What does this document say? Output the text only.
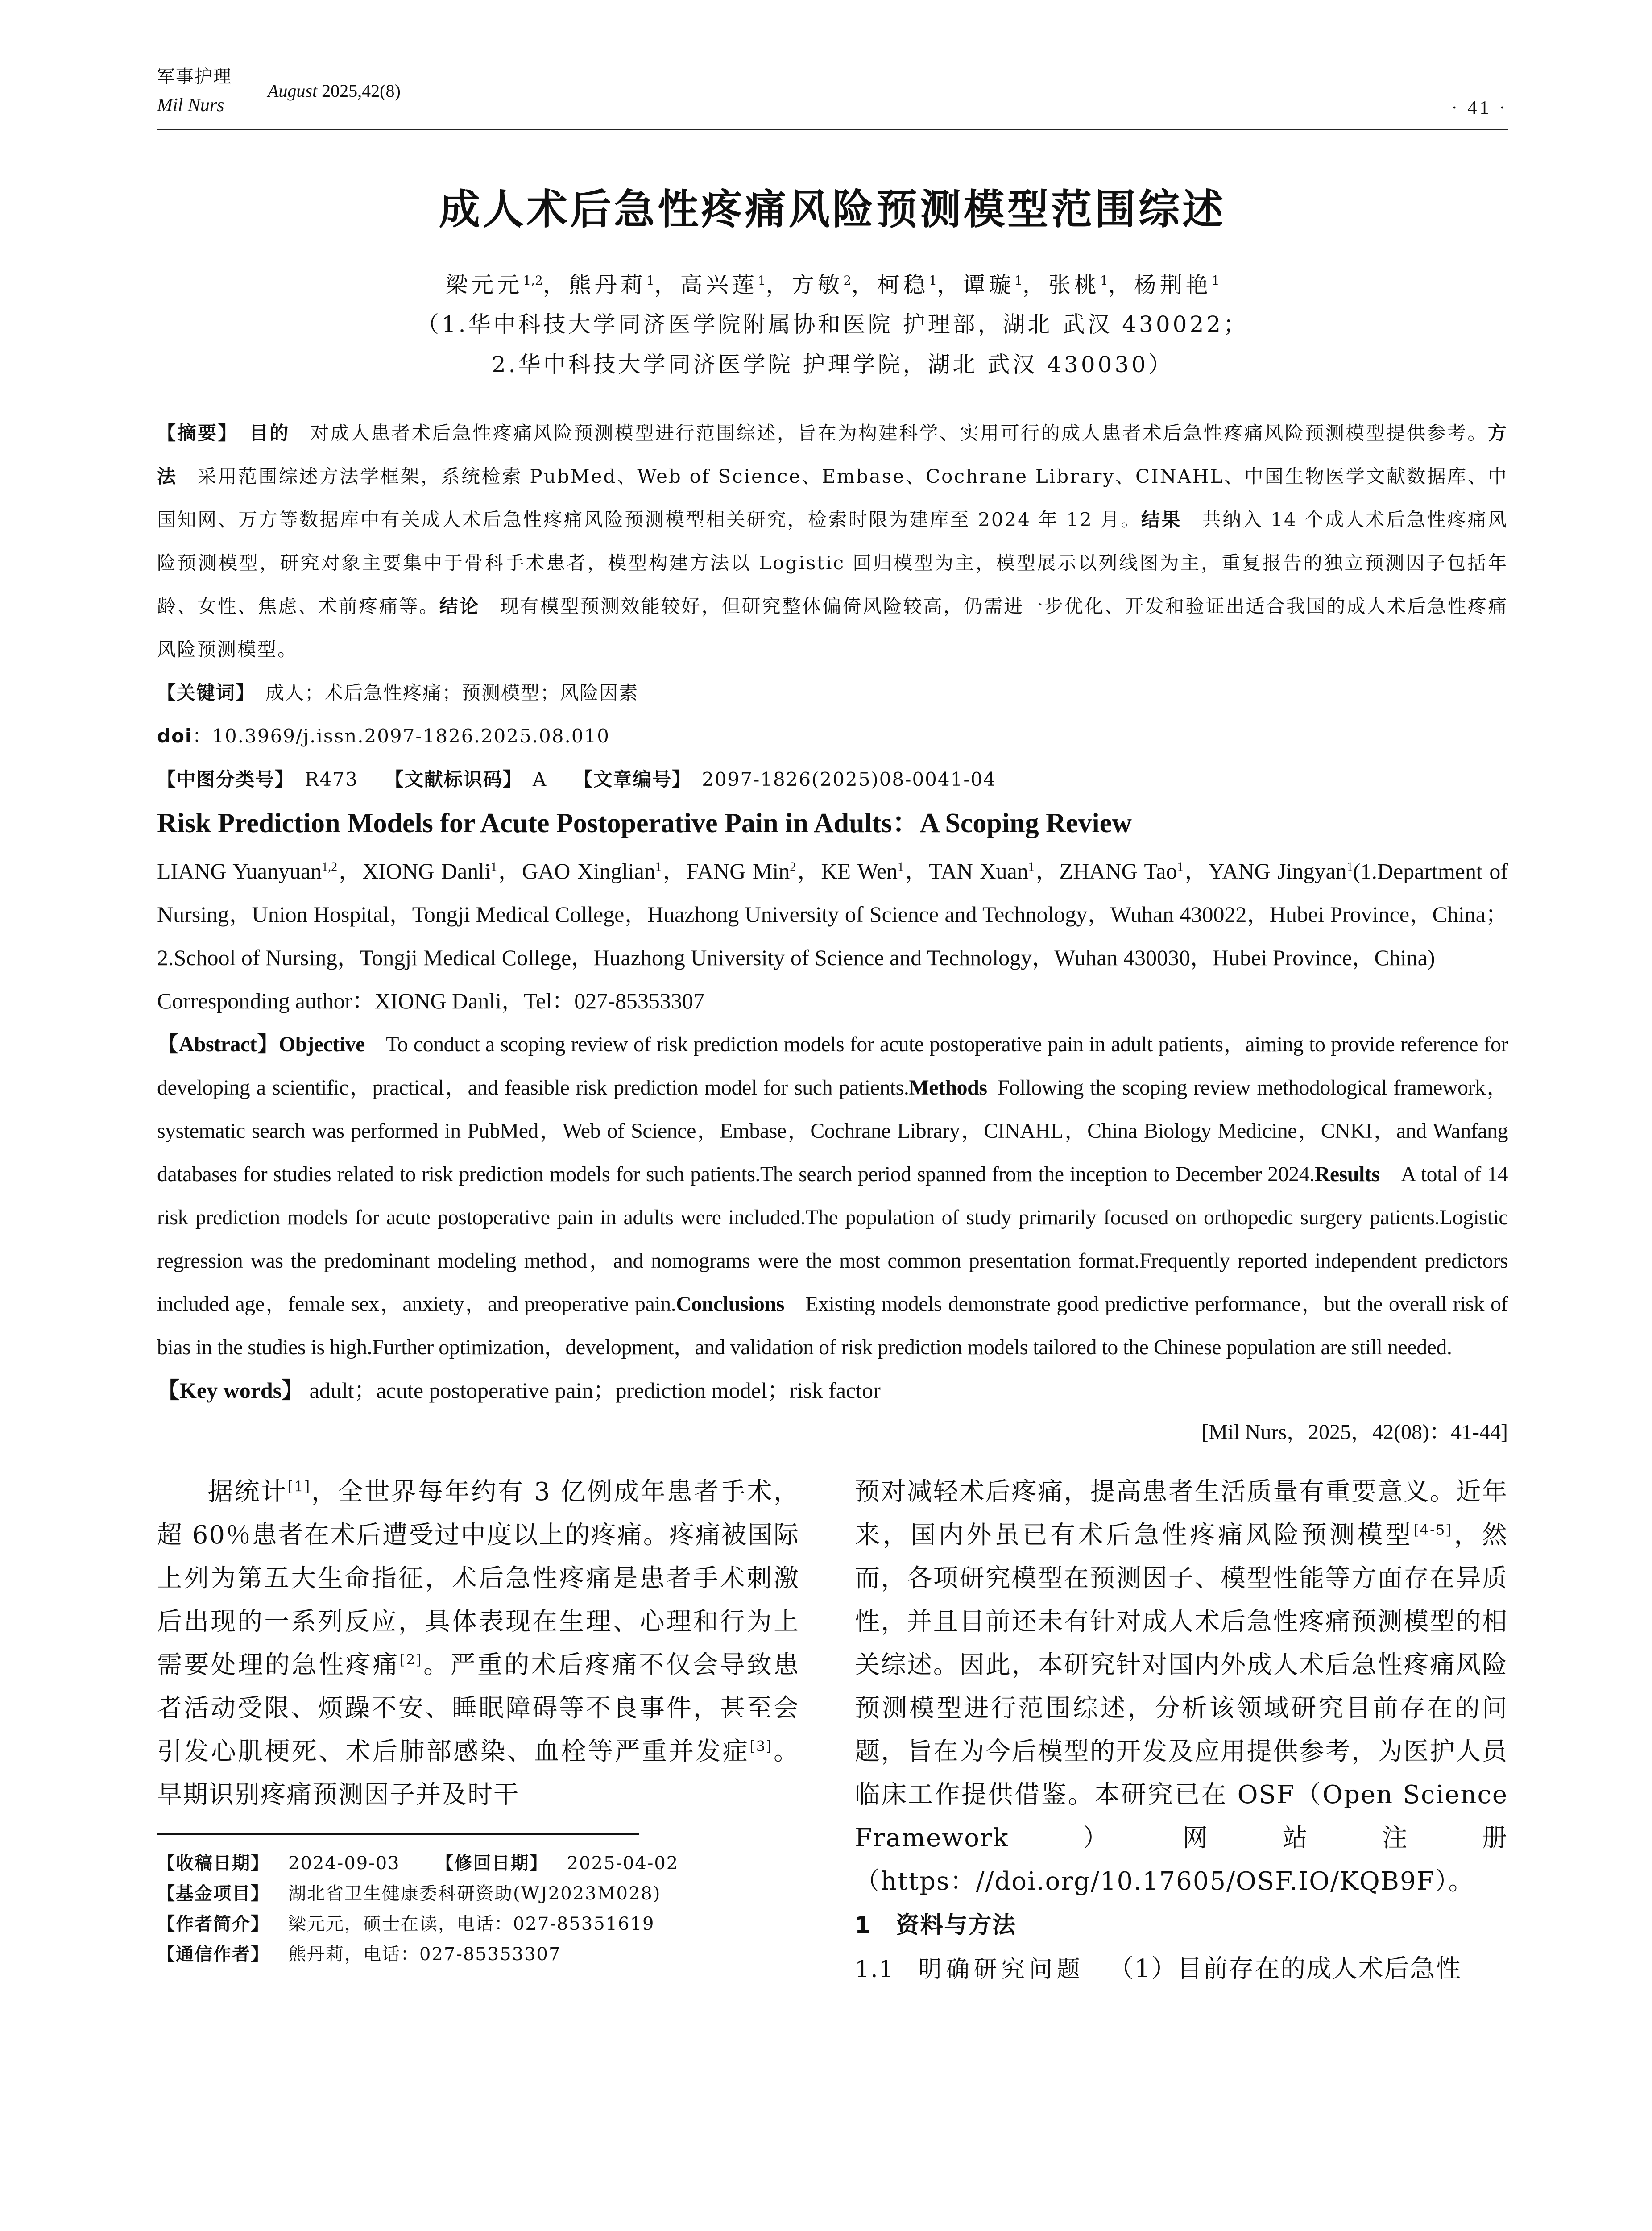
军事护理
Mil Nurs
August 2025,42(8)
· 41 ·
成人术后急性疼痛风险预测模型范围综述
梁元元$^{1,2}$，熊丹莉$^1$，高兴莲$^1$，方敏$^2$，柯稳$^1$，谭璇$^1$，张桃$^1$，杨荆艳$^1$
（1.华中科技大学同济医学院附属协和医院 护理部，湖北 武汉 430022；
2.华中科技大学同济医学院 护理学院，湖北 武汉 430030）
【摘要】  目的  对成人患者术后急性疼痛风险预测模型进行范围综述，旨在为构建科学、实用可行的成人患者术后急性疼痛风险预测模型提供参考。方法  采用范围综述方法学框架，系统检索 PubMed、Web of Science、Embase、Cochrane Library、CINAHL、中国生物医学文献数据库、中国知网、万方等数据库中有关成人术后急性疼痛风险预测模型相关研究，检索时限为建库至 2024 年 12 月。结果  共纳入 14 个成人术后急性疼痛风险预测模型，研究对象主要集中于骨科手术患者，模型构建方法以 Logistic 回归模型为主，模型展示以列线图为主，重复报告的独立预测因子包括年龄、女性、焦虑、术前疼痛等。结论  现有模型预测效能较好，但研究整体偏倚风险较高，仍需进一步优化、开发和验证出适合我国的成人术后急性疼痛风险预测模型。
【关键词】  成人；术后急性疼痛；预测模型；风险因素
doi：10.3969/j.issn.2097-1826.2025.08.010
【中图分类号】  R473 【文献标识码】  A 【文章编号】  2097-1826(2025)08-0041-04
Risk Prediction Models for Acute Postoperative Pain in Adults：A Scoping Review
LIANG Yuanyuan$^{1,2}$，XIONG Danli$^1$，GAO Xinglian$^1$，FANG Min$^2$，KE Wen$^1$，TAN Xuan$^1$，ZHANG Tao$^1$，YANG Jingyan$^1$(1.Department of Nursing，Union Hospital，Tongji Medical College，Huazhong University of Science and Technology，Wuhan 430022，Hubei Province，China；2.School of Nursing，Tongji Medical College，Huazhong University of Science and Technology，Wuhan 430030，Hubei Province，China)
Corresponding author：XIONG Danli，Tel：027-85353307
【Abstract】Objective  To conduct a scoping review of risk prediction models for acute postoperative pain in adult patients，aiming to provide reference for developing a scientific，practical，and feasible risk prediction model for such patients.Methods  Following the scoping review methodological framework，systematic search was performed in PubMed，Web of Science，Embase，Cochrane Library，CINAHL，China Biology Medicine，CNKI，and Wanfang databases for studies related to risk prediction models for such patients.The search period spanned from the inception to December 2024.Results  A total of 14 risk prediction models for acute postoperative pain in adults were included.The population of study primarily focused on orthopedic surgery patients.Logistic regression was the predominant modeling method，and nomograms were the most common presentation format.Frequently reported independent predictors included age，female sex，anxiety，and preoperative pain.Conclusions  Existing models demonstrate good predictive performance，but the overall risk of bias in the studies is high.Further optimization，development，and validation of risk prediction models tailored to the Chinese population are still needed.
【Key words】 adult；acute postoperative pain；prediction model；risk factor
[Mil Nurs，2025，42(08)：41-44]
据统计[1]，全世界每年约有 3 亿例成年患者手术，超 60％患者在术后遭受过中度以上的疼痛。疼痛被国际上列为第五大生命指征，术后急性疼痛是患者手术刺激后出现的一系列反应，具体表现在生理、心理和行为上需要处理的急性疼痛[2]。严重的术后疼痛不仅会导致患者活动受限、烦躁不安、睡眠障碍等不良事件，甚至会引发心肌梗死、术后肺部感染、血栓等严重并发症[3]。早期识别疼痛预测因子并及时干
【收稿日期】  2024-09-03 【修回日期】  2025-04-02
【基金项目】  湖北省卫生健康委科研资助(WJ2023M028)
【作者简介】  梁元元，硕士在读，电话：027-85351619
【通信作者】  熊丹莉，电话：027-85353307
预对减轻术后疼痛，提高患者生活质量有重要意义。近年来，国内外虽已有术后急性疼痛风险预测模型[4-5]，然而，各项研究模型在预测因子、模型性能等方面存在异质性，并且目前还未有针对成人术后急性疼痛预测模型的相关综述。因此，本研究针对国内外成人术后急性疼痛风险预测模型进行范围综述，分析该领域研究目前存在的问题，旨在为今后模型的开发及应用提供参考，为医护人员临床工作提供借鉴。本研究已在 OSF（Open Science Framework）网站注册（https：//doi.org/10.17605/OSF.IO/KQB9F）。
1  资料与方法
1.1  明确研究问题  （1）目前存在的成人术后急性
